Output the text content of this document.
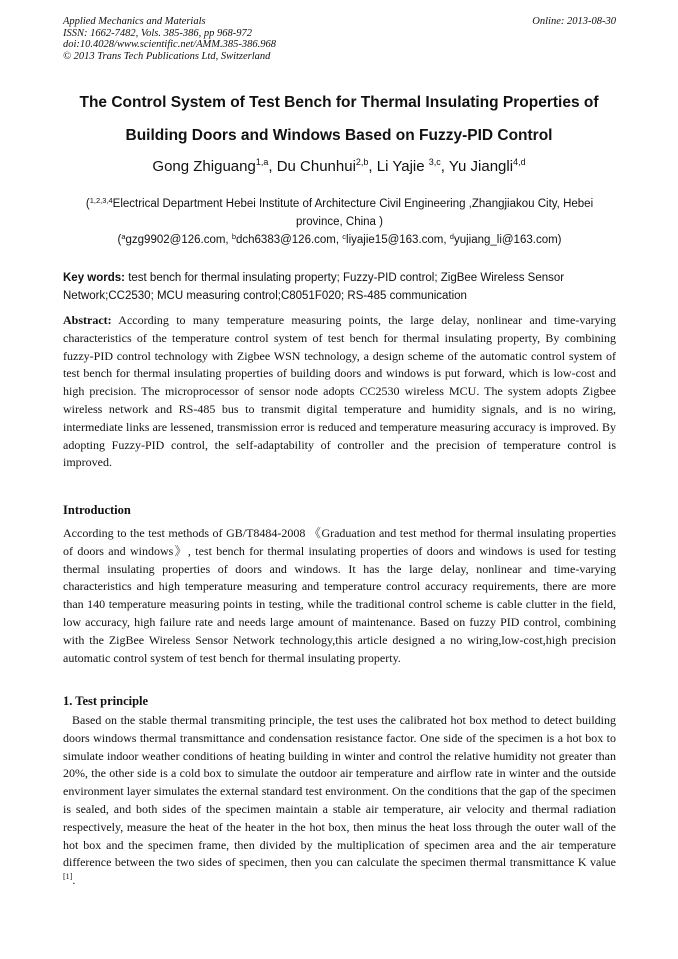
Applied Mechanics and Materials
ISSN: 1662-7482, Vols. 385-386, pp 968-972
doi:10.4028/www.scientific.net/AMM.385-386.968
© 2013 Trans Tech Publications Ltd, Switzerland
Online: 2013-08-30
The Control System of Test Bench for Thermal Insulating Properties of
Building Doors and Windows Based on Fuzzy-PID Control
Gong Zhiguang$^{1,a}$, Du Chunhui$^{2,b}$, Li Yajie $^{3,c}$, Yu Jiangli$^{4,d}$
($^{1,2,3,4}$Electrical Department Hebei Institute of Architecture Civil Engineering ,Zhangjiakou City, Hebei province, China )
($^a$gzg9902@126.com, $^b$dch6383@126.com, $^c$liyajie15@163.com, $^d$yujiang_li@163.com)
Key words: test bench for thermal insulating property; Fuzzy-PID control; ZigBee Wireless Sensor Network;CC2530; MCU measuring control;C8051F020; RS-485 communication
Abstract: According to many temperature measuring points, the large delay, nonlinear and time-varying characteristics of the temperature control system of test bench for thermal insulating property, By combining fuzzy-PID control technology with Zigbee WSN technology, a design scheme of the automatic control system of test bench for thermal insulating properties of building doors and windows is put forward, which is low-cost and high precision. The microprocessor of sensor node adopts CC2530 wireless MCU. The system adopts Zigbee wireless network and RS-485 bus to transmit digital temperature and humidity signals, and is no wiring, intermediate links are lessened, transmission error is reduced and temperature measuring accuracy is improved. By adopting Fuzzy-PID control, the self-adaptability of controller and the precision of temperature control is improved.
Introduction
According to the test methods of GB/T8484-2008 《Graduation and test method for thermal insulating properties of doors and windows》, test bench for thermal insulating properties of doors and windows is used for testing thermal insulating properties of doors and windows. It has the large delay, nonlinear and time-varying characteristics and high temperature measuring and temperature control accuracy requirements, there are more than 140 temperature measuring points in testing, while the traditional control scheme is cable clutter in the field, low accuracy, high failure rate and needs large amount of maintenance. Based on fuzzy PID control, combining with the ZigBee Wireless Sensor Network technology,this article designed a no wiring,low-cost,high precision automatic control system of test bench for thermal insulating property.
1. Test principle
Based on the stable thermal transmiting principle, the test uses the calibrated hot box method to detect building doors windows thermal transmittance and condensation resistance factor. One side of the specimen is a hot box to simulate indoor weather conditions of heating building in winter and control the relative humidity not greater than 20%, the other side is a cold box to simulate the outdoor air temperature and airflow rate in winter and the outside environment layer simulates the external standard test environment. On the conditions that the gap of the specimen is sealed, and both sides of the specimen maintain a stable air temperature, air velocity and thermal radiation respectively, measure the heat of the heater in the hot box, then minus the heat loss through the outer wall of the hot box and the specimen frame, then divided by the multiplication of specimen area and the air temperature difference between the two sides of specimen, then you can calculate the specimen thermal transmittance K value [1].
